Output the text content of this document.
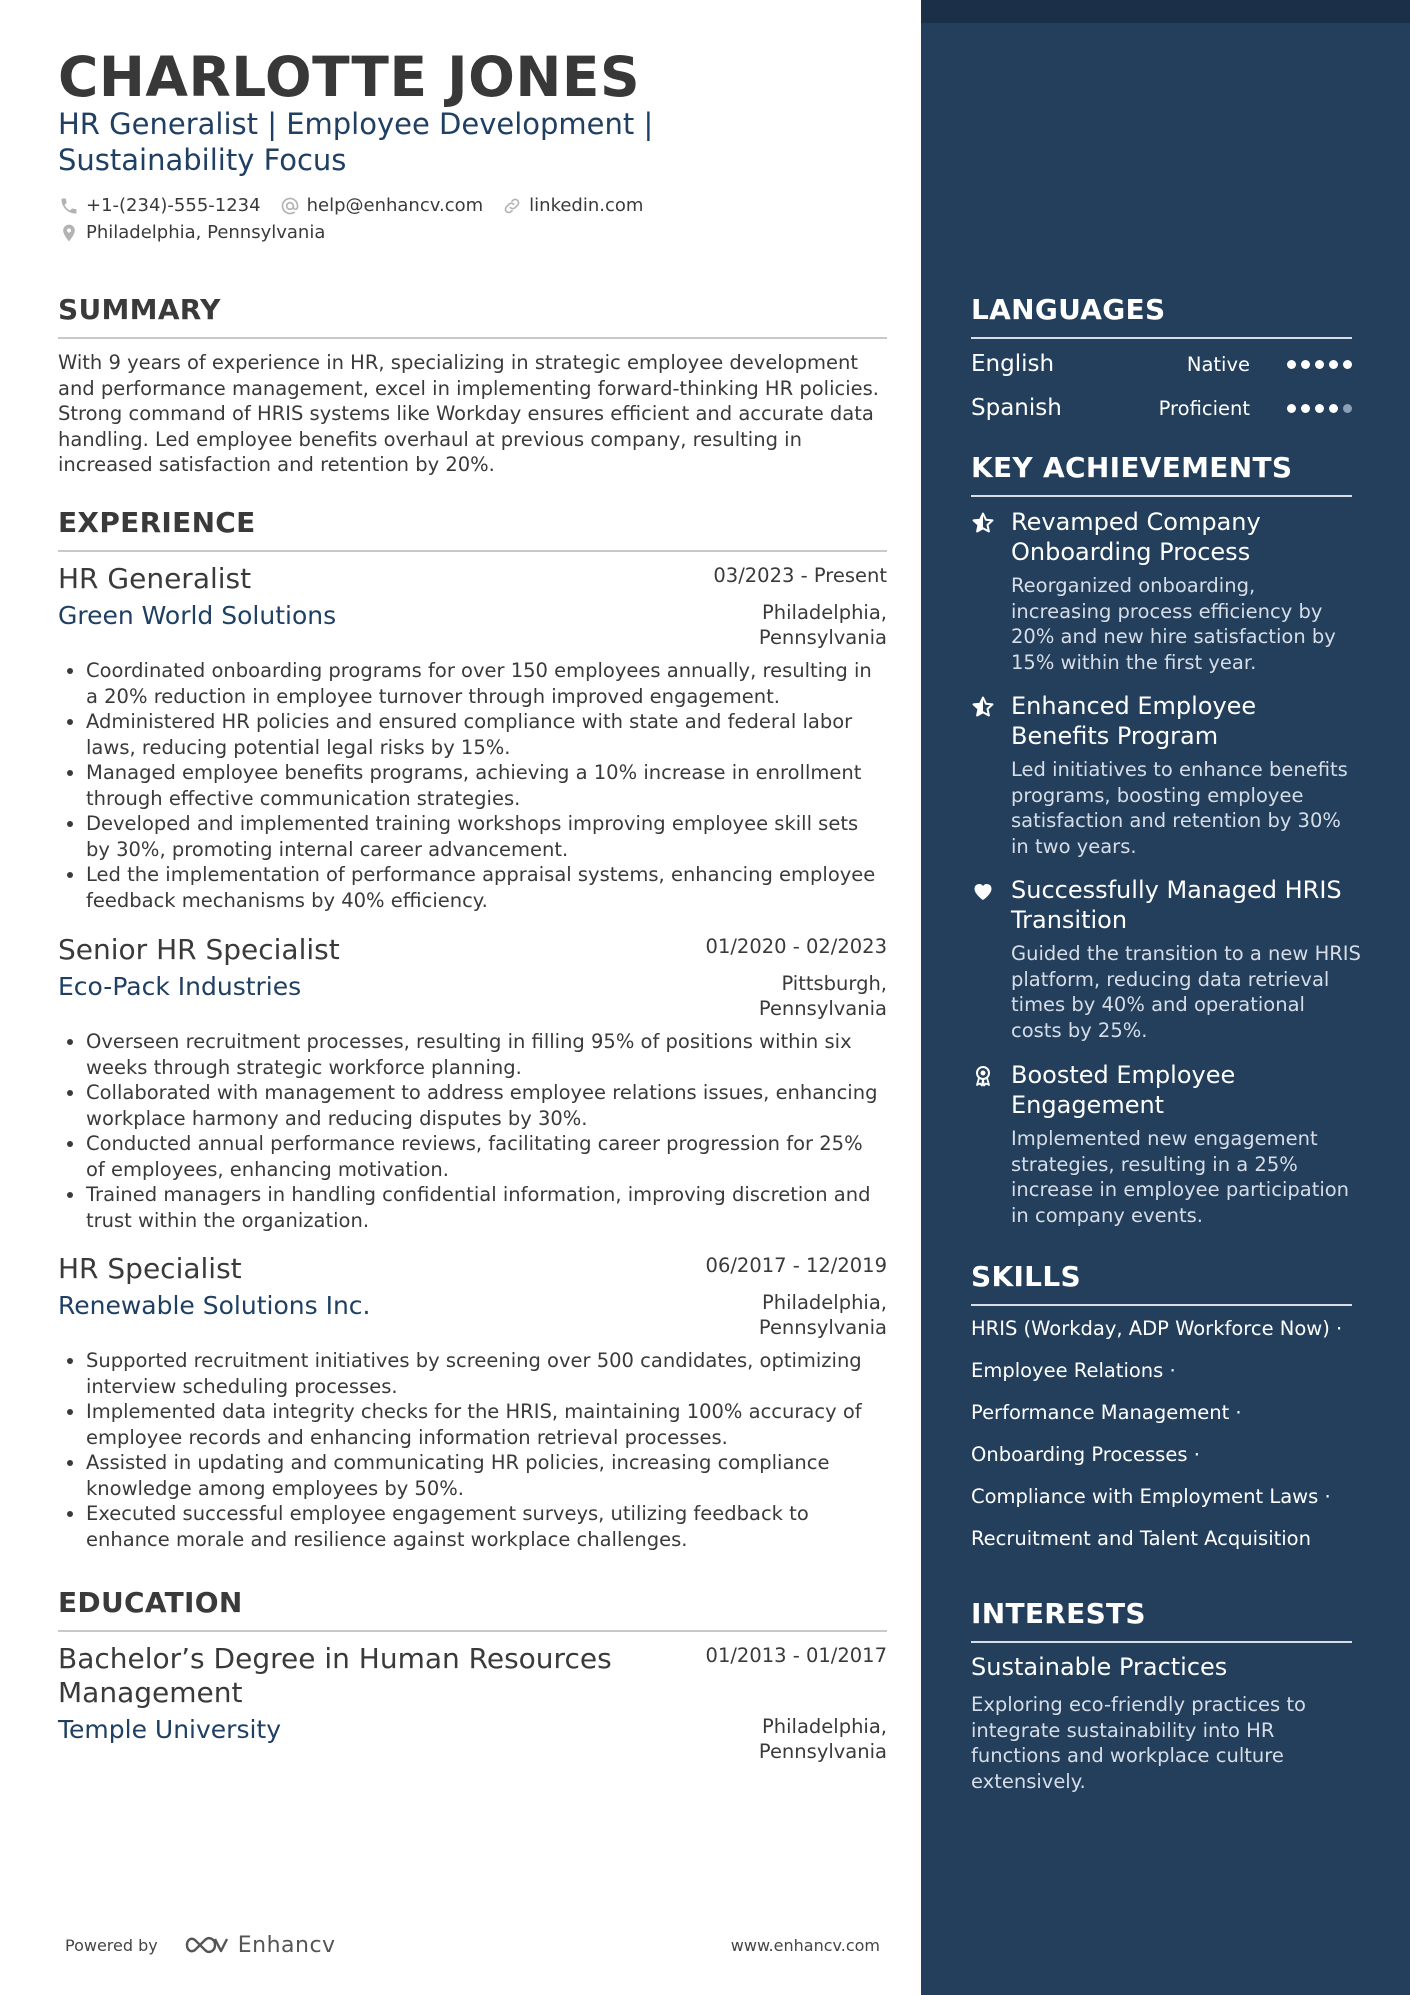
CHARLOTTE JONES
HR Generalist | Employee Development | Sustainability Focus
+1-(234)-555-1234	help@enhancv.com	linkedin.com
Philadelphia, Pennsylvania
SUMMARY

With 9 years of experience in HR, specializing in strategic employee development and performance management, excel in implementing forward-thinking HR policies. Strong command of HRIS systems like Workday ensures efficient and accurate data handling. Led employee benefits overhaul at previous company, resulting in increased satisfaction and retention by 20%.

EXPERIENCE
HR Generalist	03/2023 - Present
Green World Solutions	Philadelphia, Pennsylvania
• Coordinated onboarding programs for over 150 employees annually, resulting in a 20% reduction in employee turnover through improved engagement.
• Administered HR policies and ensured compliance with state and federal labor laws, reducing potential legal risks by 15%.
• Managed employee benefits programs, achieving a 10% increase in enrollment through effective communication strategies.
• Developed and implemented training workshops improving employee skill sets by 30%, promoting internal career advancement.
• Led the implementation of performance appraisal systems, enhancing employee feedback mechanisms by 40% efficiency.
Senior HR Specialist	01/2020 - 02/2023
Eco-Pack Industries	Pittsburgh, Pennsylvania
• Overseen recruitment processes, resulting in filling 95% of positions within six weeks through strategic workforce planning.
• Collaborated with management to address employee relations issues, enhancing workplace harmony and reducing disputes by 30%.
• Conducted annual performance reviews, facilitating career progression for 25% of employees, enhancing motivation.
• Trained managers in handling confidential information, improving discretion and trust within the organization.
HR Specialist	06/2017 - 12/2019
Renewable Solutions Inc.	Philadelphia, Pennsylvania
• Supported recruitment initiatives by screening over 500 candidates, optimizing interview scheduling processes.
• Implemented data integrity checks for the HRIS, maintaining 100% accuracy of employee records and enhancing information retrieval processes.
• Assisted in updating and communicating HR policies, increasing compliance knowledge among employees by 50%.
• Executed successful employee engagement surveys, utilizing feedback to enhance morale and resilience against workplace challenges.
EDUCATION
Bachelor’s Degree in Human Resources Management
01/2013 - 01/2017
Temple University	Philadelphia, Pennsylvania
Powered by	Enhancv	www.enhancv.com
LANGUAGES
English	Native
Spanish	Proficient
KEY ACHIEVEMENTS
Revamped Company Onboarding Process
Reorganized onboarding, increasing process efficiency by 20% and new hire satisfaction by 15% within the first year.
Enhanced Employee Benefits Program
Led initiatives to enhance benefits programs, boosting employee satisfaction and retention by 30% in two years.
Successfully Managed HRIS Transition
Guided the transition to a new HRIS platform, reducing data retrieval times by 40% and operational costs by 25%.
Boosted Employee Engagement
Implemented new engagement strategies, resulting in a 25% increase in employee participation in company events.
SKILLS
HRIS (Workday, ADP Workforce Now) ·
Employee Relations ·
Performance Management ·
Onboarding Processes ·
Compliance with Employment Laws ·
Recruitment and Talent Acquisition
INTERESTS
Sustainable Practices
Exploring eco-friendly practices to integrate sustainability into HR functions and workplace culture extensively.
